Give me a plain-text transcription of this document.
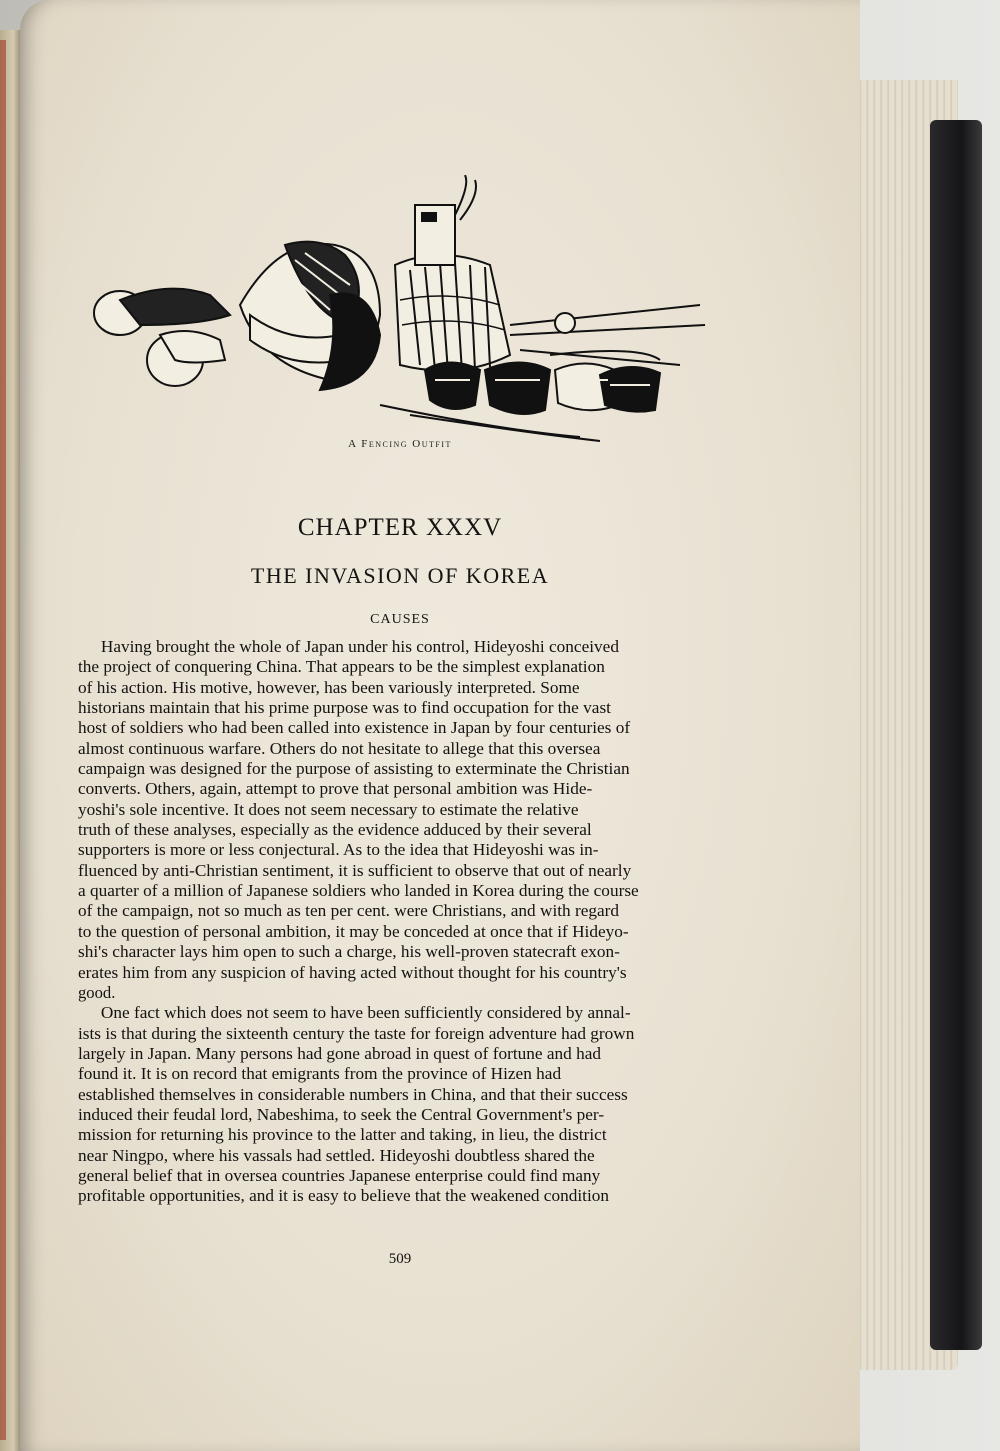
A Fencing Outfit
CHAPTER XXXV
THE INVASION OF KOREA
CAUSES
Having brought the whole of Japan under his control, Hideyoshi conceived
the project of conquering China. That appears to be the simplest explanation
of his action. His motive, however, has been variously interpreted. Some
historians maintain that his prime purpose was to find occupation for the vast
host of soldiers who had been called into existence in Japan by four centuries of
almost continuous warfare. Others do not hesitate to allege that this oversea
campaign was designed for the purpose of assisting to exterminate the Christian
converts. Others, again, attempt to prove that personal ambition was Hide-
yoshi's sole incentive. It does not seem necessary to estimate the relative
truth of these analyses, especially as the evidence adduced by their several
supporters is more or less conjectural. As to the idea that Hideyoshi was in-
fluenced by anti-Christian sentiment, it is sufficient to observe that out of nearly
a quarter of a million of Japanese soldiers who landed in Korea during the course
of the campaign, not so much as ten per cent. were Christians, and with regard
to the question of personal ambition, it may be conceded at once that if Hideyo-
shi's character lays him open to such a charge, his well-proven statecraft exon-
erates him from any suspicion of having acted without thought for his country's
good.
One fact which does not seem to have been sufficiently considered by annal-
ists is that during the sixteenth century the taste for foreign adventure had grown
largely in Japan. Many persons had gone abroad in quest of fortune and had
found it. It is on record that emigrants from the province of Hizen had
established themselves in considerable numbers in China, and that their success
induced their feudal lord, Nabeshima, to seek the Central Government's per-
mission for returning his province to the latter and taking, in lieu, the district
near Ningpo, where his vassals had settled. Hideyoshi doubtless shared the
general belief that in oversea countries Japanese enterprise could find many
profitable opportunities, and it is easy to believe that the weakened condition
509
